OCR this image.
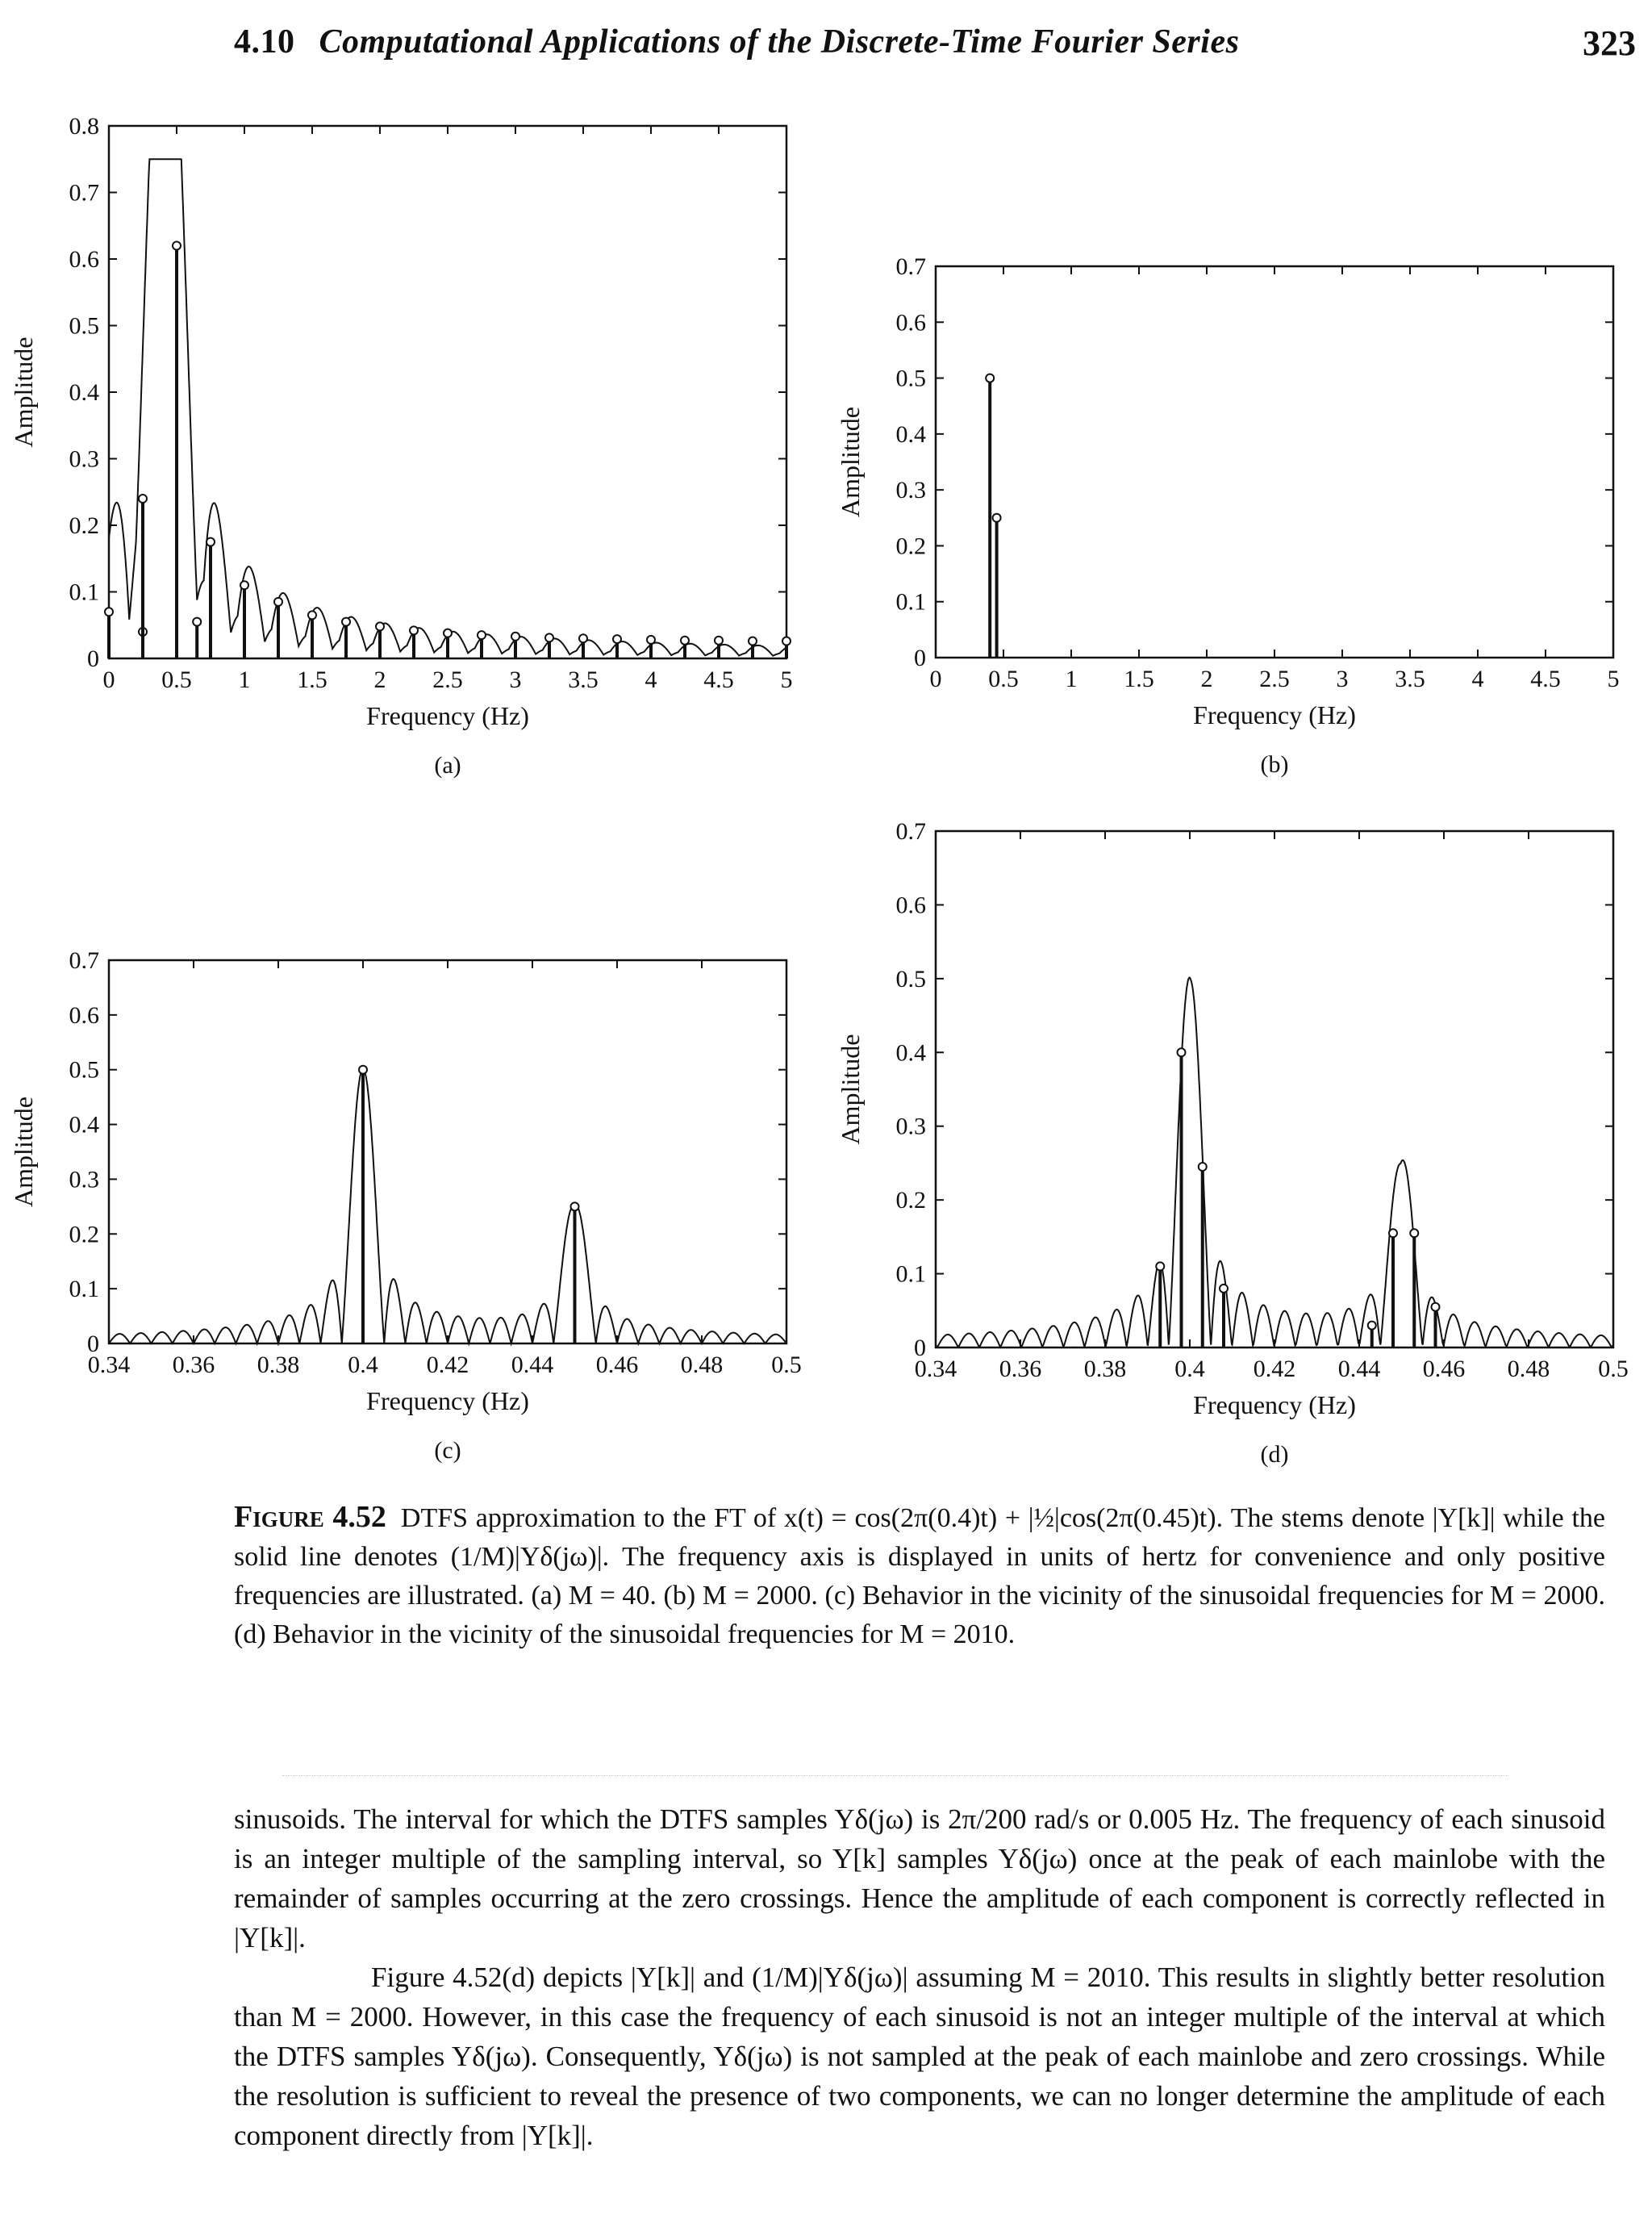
4.10 Computational Applications of the Discrete-Time Fourier Series	323
0 0.5 1 1.5 2 2.5 3 3.5 4 4.5 5
0
0.1
0.2
0.3
0.4
0.5
0.6
0.7
0.8
Frequency (Hz)
Amplitude
(a)
0 0.5 1 1.5 2 2.5 3 3.5 4 4.5 5
0
0.1
0.2
0.3
0.4
0.5
0.6
0.7
Frequency (Hz)
Amplitude
(b)
0.34 0.36 0.38 0.4 0.42 0.44 0.46 0.48 0.5
0
0.1
0.2
0.3
0.4
0.5
0.6
0.7
Frequency (Hz)
Amplitude
(c)
0.34 0.36 0.38 0.4 0.42 0.44 0.46 0.48 0.5
0
0.1
0.2
0.3
0.4
0.5
0.6
0.7
Frequency (Hz)
Amplitude
(d)
Figure 4.52 DTFS approximation to the FT of x(t) = cos(2π(0.4)t) + |½|cos(2π(0.45)t). The stems denote |Y[k]| while the solid line denotes (1/M)|Yδ(jω)|. The frequency axis is displayed in units of hertz for convenience and only positive frequencies are illustrated. (a) M = 40. (b) M = 2000. (c) Behavior in the vicinity of the sinusoidal frequencies for M = 2000. (d) Behavior in the vicinity of the sinusoidal frequencies for M = 2010.

sinusoids. The interval for which the DTFS samples Yδ(jω) is 2π/200 rad/s or 0.005 Hz. The frequency of each sinusoid is an integer multiple of the sampling interval, so Y[k] samples Yδ(jω) once at the peak of each mainlobe with the remainder of samples occurring at the zero crossings. Hence the amplitude of each component is correctly reflected in |Y[k]|.

Figure 4.52(d) depicts |Y[k]| and (1/M)|Yδ(jω)| assuming M = 2010. This results in slightly better resolution than M = 2000. However, in this case the frequency of each sinusoid is not an integer multiple of the interval at which the DTFS samples Yδ(jω). Consequently, Yδ(jω) is not sampled at the peak of each mainlobe and zero crossings. While the resolution is sufficient to reveal the presence of two components, we can no longer determine the amplitude of each component directly from |Y[k]|.
